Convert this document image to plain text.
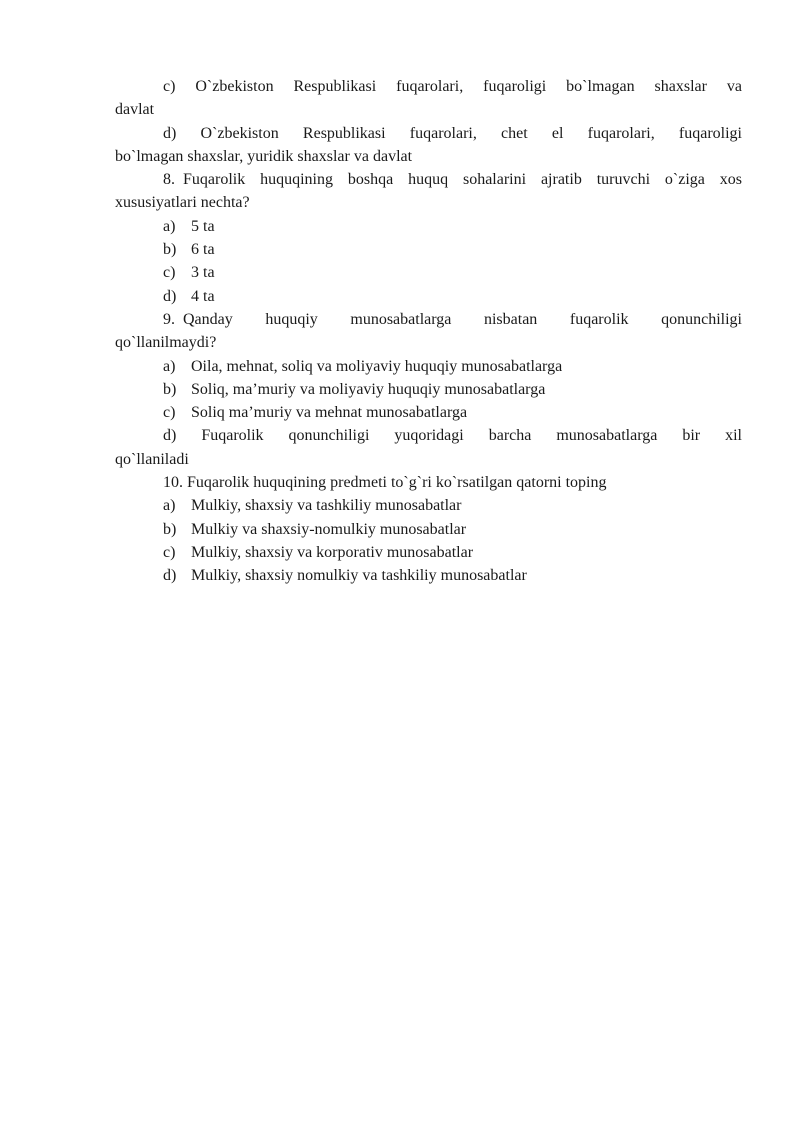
c) O`zbekiston Respublikasi fuqarolari, fuqaroligi bo`lmagan shaxslar va
davlat
d) O`zbekiston Respublikasi fuqarolari, chet el fuqarolari, fuqaroligi
bo`lmagan shaxslar, yuridik shaxslar va davlat
8. Fuqarolik huquqining boshqa huquq sohalarini ajratib turuvchi o`ziga xos
xususiyatlari nechta?
a) 5 ta
b) 6 ta
c) 3 ta
d) 4 ta
9. Qanday huquqiy munosabatlarga nisbatan fuqarolik qonunchiligi
qo`llanilmaydi?
a) Oila, mehnat, soliq va moliyaviy huquqiy munosabatlarga
b) Soliq, ma’muriy va moliyaviy huquqiy munosabatlarga
c) Soliq ma’muriy va mehnat munosabatlarga
d) Fuqarolik qonunchiligi yuqoridagi barcha munosabatlarga bir xil
qo`llaniladi
10. Fuqarolik huquqining predmeti to`g`ri ko`rsatilgan qatorni toping
a) Mulkiy, shaxsiy va tashkiliy munosabatlar
b) Mulkiy va shaxsiy-nomulkiy munosabatlar
c) Mulkiy, shaxsiy va korporativ munosabatlar
d) Mulkiy, shaxsiy nomulkiy va tashkiliy munosabatlar
